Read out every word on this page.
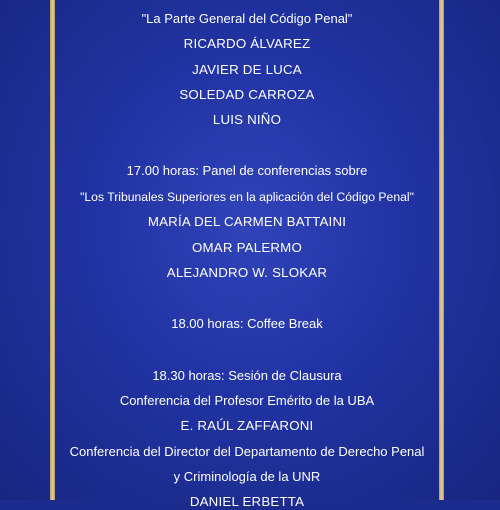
"La Parte General del Código Penal"
RICARDO ÁLVAREZ
JAVIER DE LUCA
SOLEDAD CARROZA
LUIS NIÑO
17.00 horas: Panel de conferencias sobre
"Los Tribunales Superiores en la aplicación del Código Penal"
MARÍA DEL CARMEN BATTAINI
OMAR PALERMO
ALEJANDRO W. SLOKAR
18.00 horas: Coffee Break
18.30 horas: Sesión de Clausura
Conferencia del Profesor Emérito de la UBA
E. RAÚL ZAFFARONI
Conferencia del Director del Departamento de Derecho Penal
y Criminología de la UNR
DANIEL ERBETTA
